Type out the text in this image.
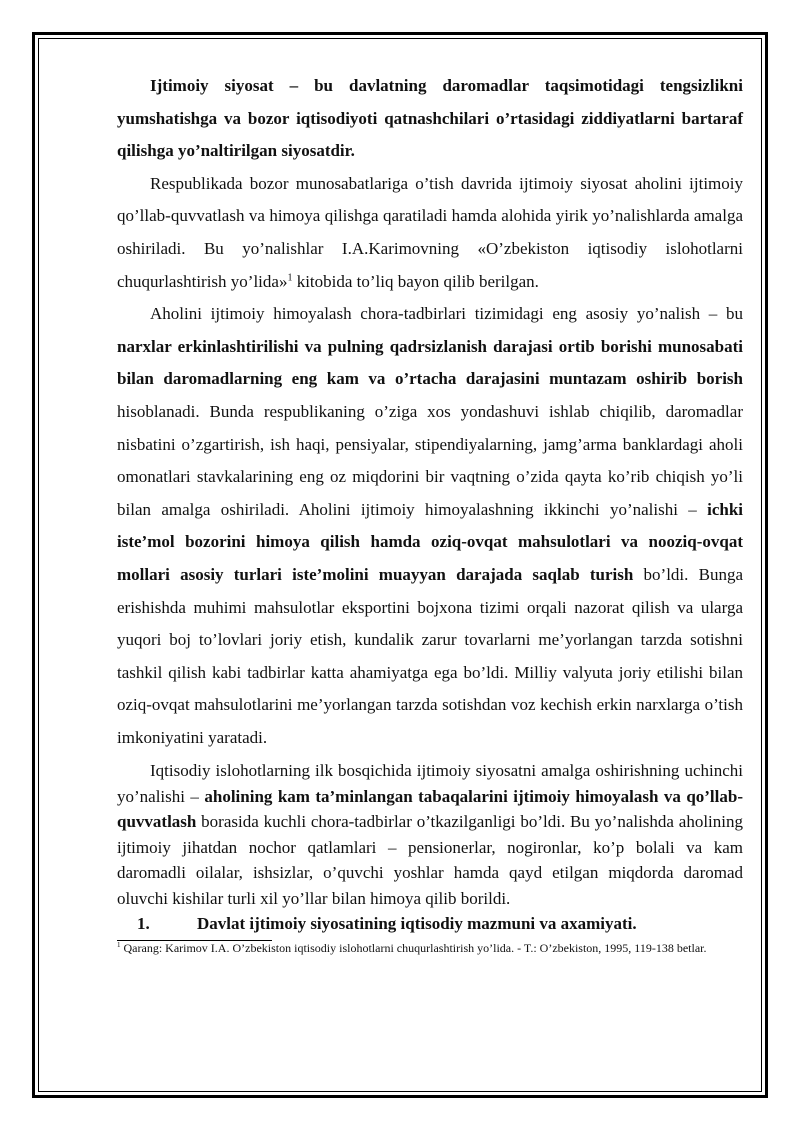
Ijtimoiy siyosat – bu davlatning daromadlar taqsimotidagi tengsizlikni yumshatishga va bozor iqtisodiyoti qatnashchilari o’rtasidagi ziddiyatlarni bartaraf qilishga yo’naltirilgan siyosatdir.

Respublikada bozor munosabatlariga o’tish davrida ijtimoiy siyosat aholini ijtimoiy qo’llab-quvvatlash va himoya qilishga qaratiladi hamda alohida yirik yo’nalishlarda amalga oshiriladi. Bu yo’nalishlar I.A.Karimovning «O’zbekiston iqtisodiy islohotlarni chuqurlashtirish yo’lida»$^1$ kitobida to’liq bayon qilib berilgan.

Aholini ijtimoiy himoyalash chora-tadbirlari tizimidagi eng asosiy yo’nalish – bu narxlar erkinlashtirilishi va pulning qadrsizlanish darajasi ortib borishi munosabati bilan daromadlarning eng kam va o’rtacha darajasini muntazam oshirib borish hisoblanadi. Bunda respublikaning o’ziga xos yondashuvi ishlab chiqilib, daromadlar nisbatini o’zgartirish, ish haqi, pensiyalar, stipendiyalarning, jamg’arma banklardagi aholi omonatlari stavkalarining eng oz miqdorini bir vaqtning o’zida qayta ko’rib chiqish yo’li bilan amalga oshiriladi. Aholini ijtimoiy himoyalashning ikkinchi yo’nalishi – ichki iste’mol bozorini himoya qilish hamda oziq-ovqat mahsulotlari va nooziq-ovqat mollari asosiy turlari iste’molini muayyan darajada saqlab turish bo’ldi. Bunga erishishda muhimi mahsulotlar eksportini bojxona tizimi orqali nazorat qilish va ularga yuqori boj to’lovlari joriy etish, kundalik zarur tovarlarni me’yorlangan tarzda sotishni tashkil qilish kabi tadbirlar katta ahamiyatga ega bo’ldi. Milliy valyuta joriy etilishi bilan oziq-ovqat mahsulotlarini me’yorlangan tarzda sotishdan voz kechish erkin narxlarga o’tish imkoniyatini yaratadi.

Iqtisodiy islohotlarning ilk bosqichida ijtimoiy siyosatni amalga oshirishning uchinchi yo’nalishi – aholining kam ta’minlangan tabaqalarini ijtimoiy himoyalash va qo’llab-quvvatlash borasida kuchli chora-tadbirlar o’tkazilganligi bo’ldi. Bu yo’nalishda aholining ijtimoiy jihatdan nochor qatlamlari – pensionerlar, nogironlar, ko’p bolali va kam daromadli oilalar, ishsizlar, o’quvchi yoshlar hamda qayd etilgan miqdorda daromad oluvchi kishilar turli xil yo’llar bilan himoya qilib borildi.

1.	Davlat ijtimoiy siyosatining iqtisodiy mazmuni va axamiyati.

$^1$ Qarang: Karimov I.A. O’zbekiston iqtisodiy islohotlarni chuqurlashtirish yo’lida. - T.: O’zbekiston, 1995, 119-138 betlar.
